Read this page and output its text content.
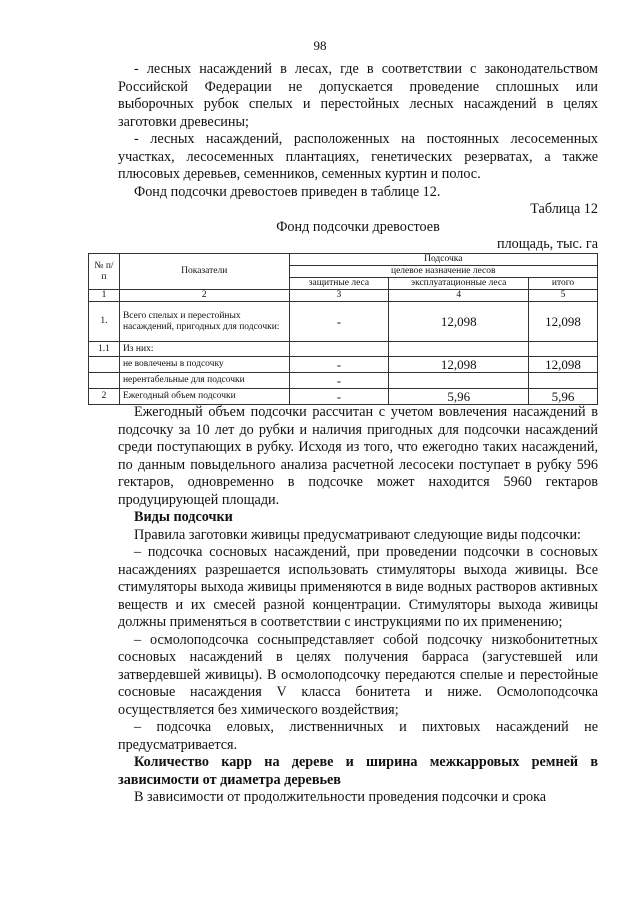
98

- лесных насаждений в лесах, где в соответствии с законодательством Российской Федерации не допускается проведение сплошных или выборочных рубок спелых и перестойных лесных насаждений в целях заготовки древесины;

- лесных насаждений, расположенных на постоянных лесосеменных участках, лесосеменных плантациях, генетических резерватах, а также плюсовых деревьев, семенников, семенных куртин и полос.

Фонд подсочки древостоев приведен в таблице 12.

Таблица 12

Фонд подсочки древостоев

площадь, тыс. га

№ п/п	Показатели	Подсочка		
		целевое назначение лесов		
		защитные леса	эксплуатационные леса	итого
1	2	3	4	5
1.	Всего спелых и перестойных насаждений, пригодных для подсочки:	-	12,098	12,098
1.1	Из них:			
	не вовлечены в подсочку	-	12,098	12,098
	нерентабельные для подсочки	-		
2	Ежегодный объем подсочки	-	5,96	5,96

Ежегодный объем подсочки рассчитан с учетом вовлечения насаждений в подсочку за 10 лет до рубки и наличия пригодных для подсочки насаждений среди поступающих в рубку. Исходя из того, что ежегодно таких насаждений, по данным повыдельного анализа расчетной лесосеки поступает в рубку 596 гектаров, одновременно в подсочке может находится 5960 гектаров продуцирующей площади.

Виды подсочки

Правила заготовки живицы предусматривают следующие виды подсочки:

– подсочка сосновых насаждений, при проведении подсочки в сосновых насаждениях разрешается использовать стимуляторы выхода живицы. Все стимуляторы выхода живицы применяются в виде водных растворов активных веществ и их смесей разной концентрации. Стимуляторы выхода живицы должны применяться в соответствии с инструкциями по их применению;

– осмолоподсочка сосныпредставляет собой подсочку низкобонитетных сосновых насаждений в целях получения барраса (загустевшей или затвердевшей живицы). В осмолоподсочку передаются спелые и перестойные сосновые насаждения V класса бонитета и ниже. Осмолоподсочка осуществляется без химического воздействия;

– подсочка еловых, лиственничных и пихтовых насаждений не предусматривается.

Количество карр на дереве и ширина межкарровых ремней в зависимости от диаметра деревьев

В зависимости от продолжительности проведения подсочки и срока
